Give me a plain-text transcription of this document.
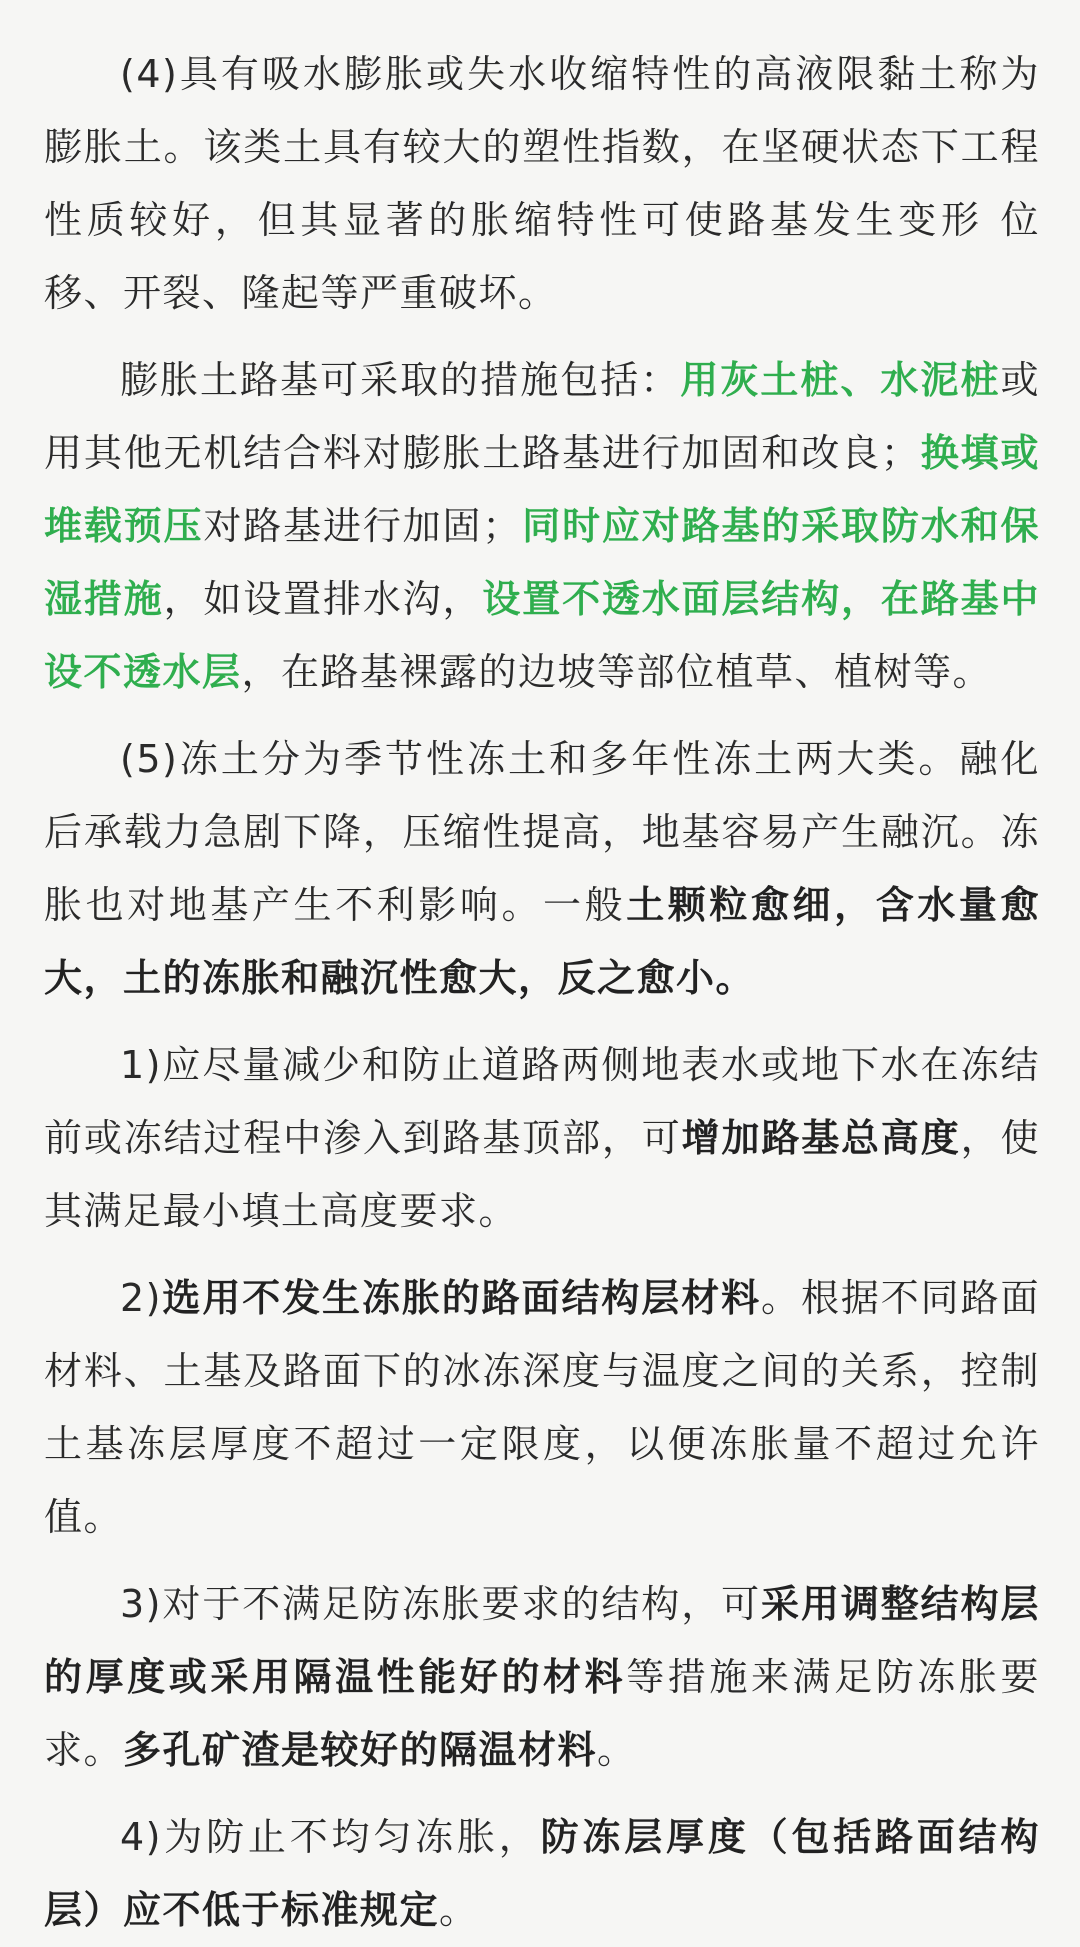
(4)具有吸水膨胀或失水收缩特性的高液限黏土称为膨胀土。该类土具有较大的塑性指数，在坚硬状态下工程性质较好，但其显著的胀缩特性可使路基发生变形 位移、开裂、隆起等严重破坏。

膨胀土路基可采取的措施包括：用灰土桩、水泥桩或用其他无机结合料对膨胀土路基进行加固和改良；换填或堆载预压对路基进行加固；同时应对路基的采取防水和保湿措施，如设置排水沟，设置不透水面层结构，在路基中设不透水层，在路基裸露的边坡等部位植草、植树等。

(5)冻土分为季节性冻土和多年性冻土两大类。融化后承载力急剧下降，压缩性提高，地基容易产生融沉。冻胀也对地基产生不利影响。一般土颗粒愈细，含水量愈大，土的冻胀和融沉性愈大，反之愈小。

1)应尽量减少和防止道路两侧地表水或地下水在冻结前或冻结过程中渗入到路基顶部，可增加路基总高度，使其满足最小填土高度要求。

2)选用不发生冻胀的路面结构层材料。根据不同路面材料、土基及路面下的冰冻深度与温度之间的关系，控制土基冻层厚度不超过一定限度，以便冻胀量不超过允许值。

3)对于不满足防冻胀要求的结构，可采用调整结构层的厚度或采用隔温性能好的材料等措施来满足防冻胀要求。多孔矿渣是较好的隔温材料。

4)为防止不均匀冻胀，防冻层厚度（包括路面结构层）应不低于标准规定。
